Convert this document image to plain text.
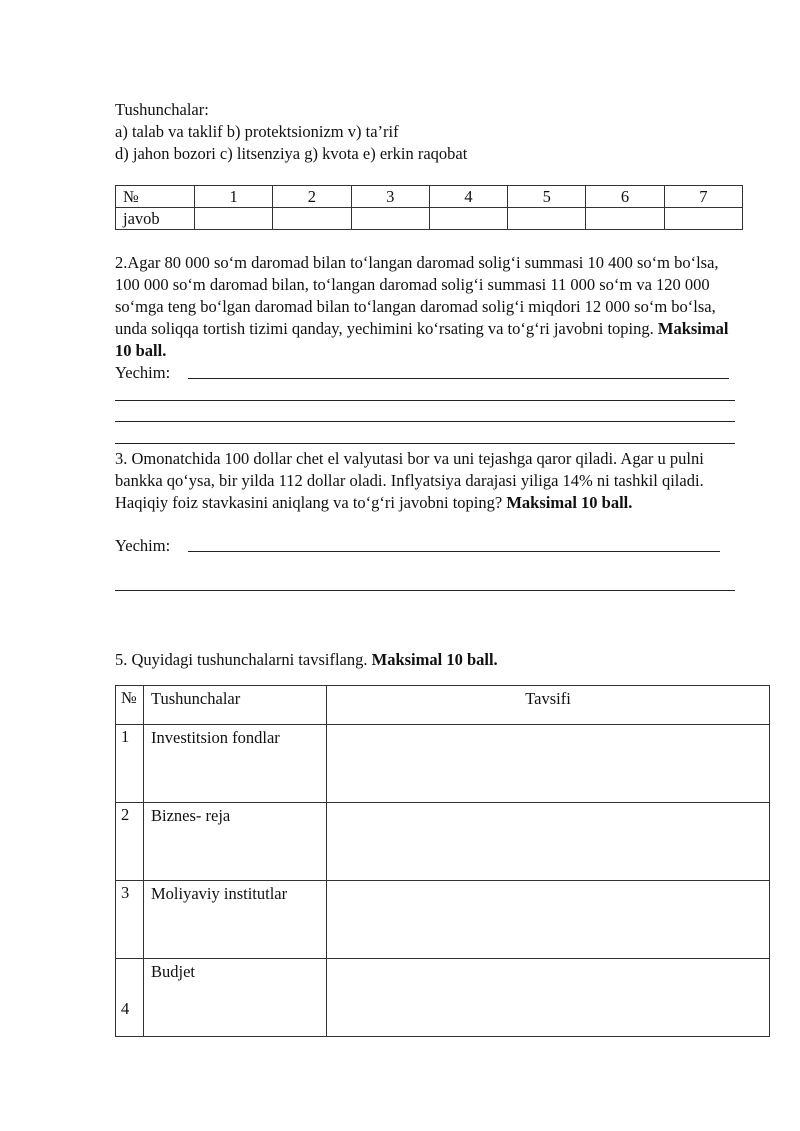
Tushunchalar:
a) talab va taklif b) protektsionizm v) ta’rif
d) jahon bozori c) litsenziya g) kvota e) erkin raqobat
№	1	2	3	4	5	6	7
javob							
2.Agar 80 000 so‘m daromad bilan to‘langan daromad solig‘i summasi 10 400 so‘m bo‘lsa, 100 000 so‘m daromad bilan, to‘langan daromad solig‘i summasi 11 000 so‘m va 120 000 so‘mga teng bo‘lgan daromad bilan to‘langan daromad solig‘i miqdori 12 000 so‘m bo‘lsa, unda soliqqa tortish tizimi qanday, yechimini ko‘rsating va to‘g‘ri javobni toping. Maksimal 10 ball.
Yechim:
3. Omonatchida 100 dollar chet el valyutasi bor va uni tejashga qaror qiladi. Agar u pulni bankka qo‘ysa, bir yilda 112 dollar oladi. Inflyatsiya darajasi yiliga 14% ni tashkil qiladi. Haqiqiy foiz stavkasini aniqlang va to‘g‘ri javobni toping? Maksimal 10 ball.
Yechim:
5. Quyidagi tushunchalarni tavsiflang. Maksimal 10 ball.
№	Tushunchalar	Tavsifi
1	Investitsion fondlar	
2	Biznes- reja	
3	Moliyaviy institutlar	

4	Budjet	
